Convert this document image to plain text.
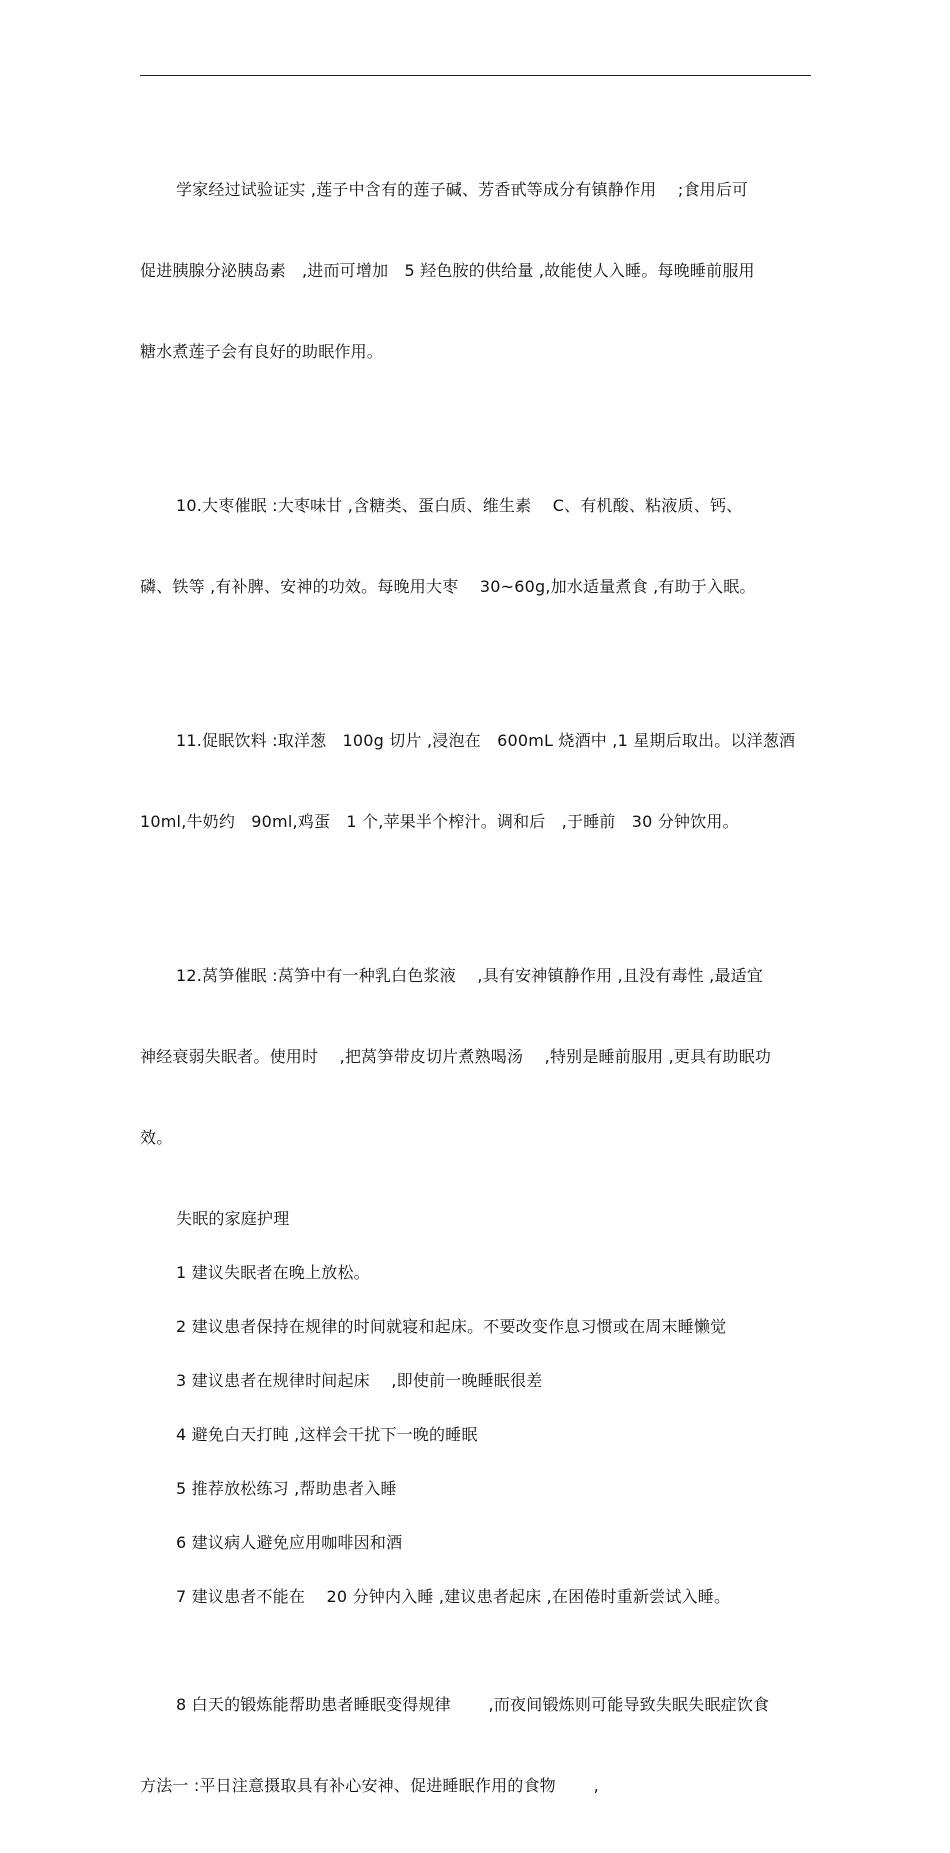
学家经过试验证实 ,莲子中含有的莲子碱、芳香甙等成分有镇静作用　 ;食用后可

促进胰腺分泌胰岛素　,进而可增加　5 羟色胺的供给量 ,故能使人入睡。每晚睡前服用

糖水煮莲子会有良好的助眠作用。

10.大枣催眠 :大枣味甘 ,含糖类、蛋白质、维生素　 C、有机酸、粘液质、钙、

磷、铁等 ,有补脾、安神的功效。每晚用大枣　 30~60g,加水适量煮食 ,有助于入眠。

11.促眠饮料 :取洋葱　100g 切片 ,浸泡在　600mL 烧酒中 ,1 星期后取出。以洋葱酒

10ml,牛奶约　90ml,鸡蛋　1 个,苹果半个榨汁。调和后　,于睡前　30 分钟饮用。

12.莴笋催眠 :莴笋中有一种乳白色浆液　 ,具有安神镇静作用 ,且没有毒性 ,最适宜

神经衰弱失眠者。使用时　 ,把莴笋带皮切片煮熟喝汤　 ,特别是睡前服用 ,更具有助眠功

效。

失眠的家庭护理

1 建议失眠者在晚上放松。

2 建议患者保持在规律的时间就寝和起床。不要改变作息习惯或在周末睡懒觉

3 建议患者在规律时间起床　 ,即使前一晚睡眠很差

4 避免白天打盹 ,这样会干扰下一晚的睡眠

5 推荐放松练习 ,帮助患者入睡

6 建议病人避免应用咖啡因和酒

7 建议患者不能在　 20 分钟内入睡 ,建议患者起床 ,在困倦时重新尝试入睡。

8 白天的锻炼能帮助患者睡眠变得规律　　 ,而夜间锻炼则可能导致失眠失眠症饮食

方法一 :平日注意摄取具有补心安神、促进睡眠作用的食物　　 ,
